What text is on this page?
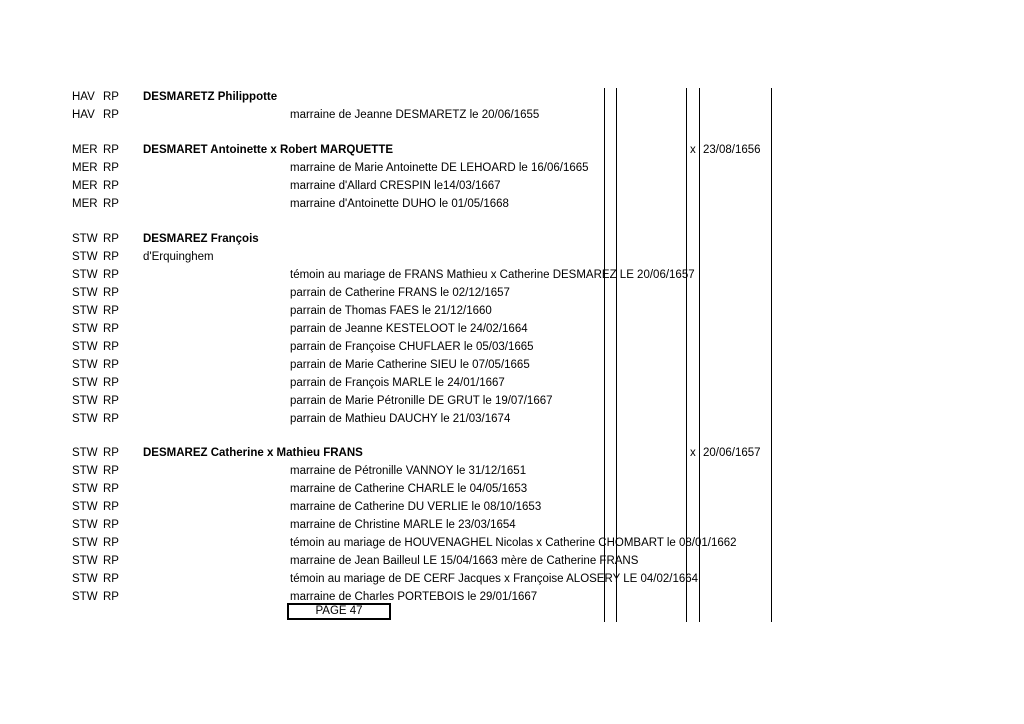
HAV RP DESMARETZ Philippotte
HAV RP	marraine de Jeanne DESMARETZ le 20/06/1655
MER RP DESMARET Antoinette x Robert MARQUETTE	x 23/08/1656
MER RP	marraine de Marie Antoinette DE LEHOARD le 16/06/1665
MER RP	marraine d'Allard CRESPIN le14/03/1667
MER RP	marraine d'Antoinette DUHO le 01/05/1668
STW RP DESMAREZ François
STW RP d'Erquinghem
STW RP	témoin au mariage de FRANS Mathieu x Catherine DESMAREZ LE 20/06/1657
STW RP	parrain de Catherine FRANS le 02/12/1657
STW RP	parrain de Thomas FAES le 21/12/1660
STW RP	parrain de Jeanne KESTELOOT le 24/02/1664
STW RP	parrain de Françoise CHUFLAER le 05/03/1665
STW RP	parrain de Marie Catherine SIEU le 07/05/1665
STW RP	parrain de François MARLE le 24/01/1667
STW RP	parrain de Marie Pétronille DE GRUT le 19/07/1667
STW RP	parrain de Mathieu DAUCHY le 21/03/1674
STW RP DESMAREZ Catherine x Mathieu FRANS	x 20/06/1657
STW RP	marraine de Pétronille VANNOY le 31/12/1651
STW RP	marraine de Catherine CHARLE le 04/05/1653
STW RP	marraine de Catherine DU VERLIE le 08/10/1653
STW RP	marraine de Christine MARLE le 23/03/1654
STW RP	témoin au mariage de HOUVENAGHEL Nicolas x Catherine CHOMBART le 08/01/1662
STW RP	marraine de Jean Bailleul LE 15/04/1663 mère de Catherine FRANS
STW RP	témoin au mariage de DE CERF Jacques x Françoise ALOSERY LE 04/02/1664
STW RP	marraine de Charles PORTEBOIS le 29/01/1667
PAGE 47
